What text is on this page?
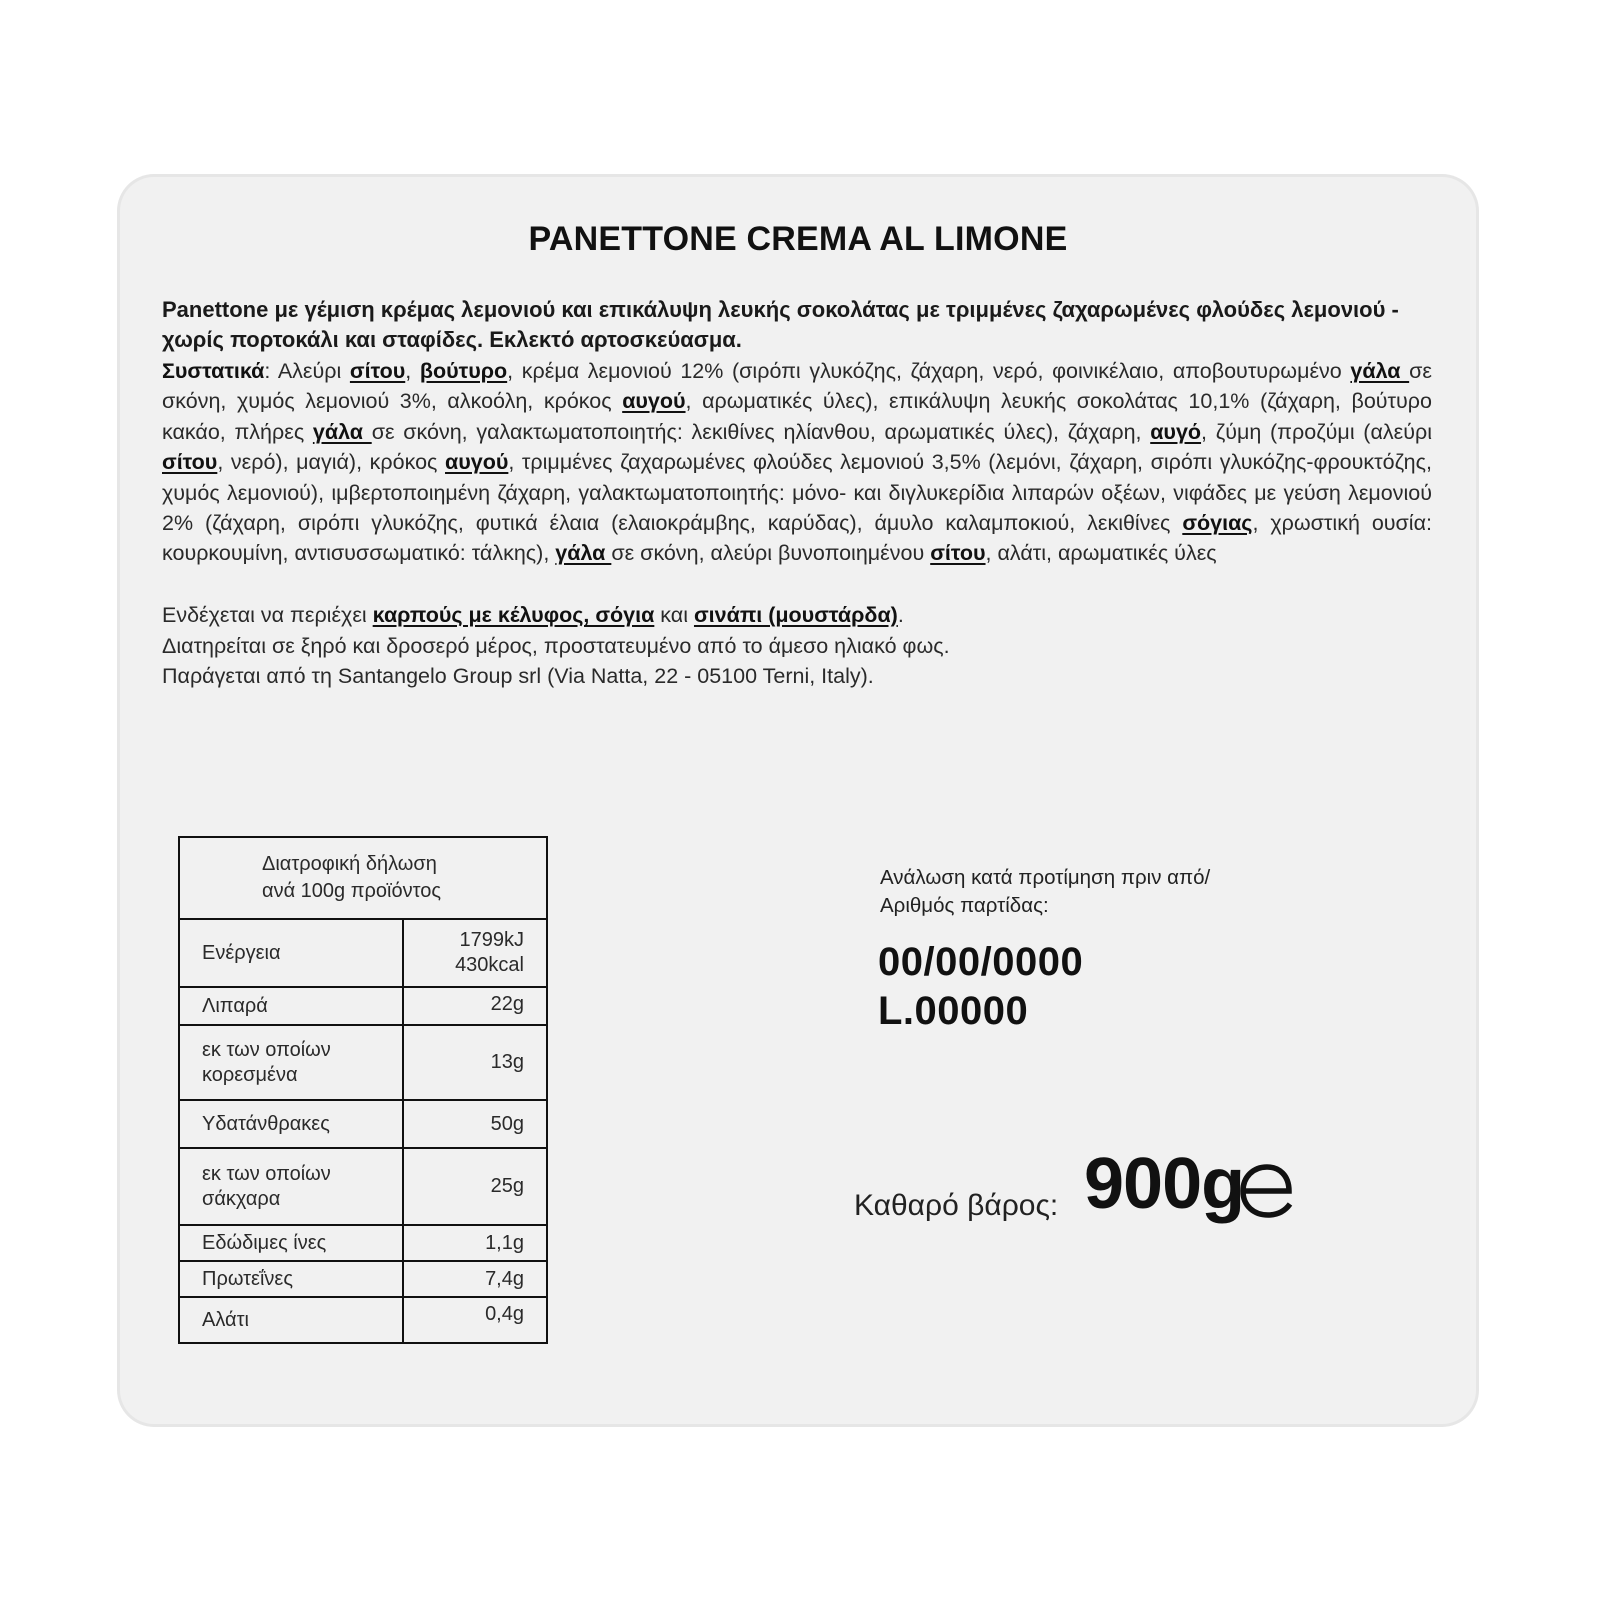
PANETTONE CREMA AL LIMONE
Panettone με γέμιση κρέμας λεμονιού και επικάλυψη λευκής σοκολάτας με τριμμένες ζαχαρωμένες φλούδες λεμονιού - χωρίς πορτοκάλι και σταφίδες. Εκλεκτό αρτοσκεύασμα.
Συστατικά: Αλεύρι σίτου, βούτυρο, κρέμα λεμονιού 12% (σιρόπι γλυκόζης, ζάχαρη, νερό, φοινικέλαιο, αποβουτυρωμένο γάλα σε σκόνη, χυμός λεμονιού 3%, αλκοόλη, κρόκος αυγού, αρωματικές ύλες), επικάλυψη λευκής σοκολάτας 10,1% (ζάχαρη, βούτυρο κακάο, πλήρες γάλα σε σκόνη, γαλακτωματοποιητής: λεκιθίνες ηλίανθου, αρωματικές ύλες), ζάχαρη, αυγό, ζύμη (προζύμι (αλεύρι σίτου, νερό), μαγιά), κρόκος αυγού, τριμμένες ζαχαρωμένες φλούδες λεμονιού 3,5% (λεμόνι, ζάχαρη, σιρόπι γλυκόζης-φρουκτόζης, χυμός λεμονιού), ιμβερτοποιημένη ζάχαρη, γαλακτωματοποιητής: μόνο- και διγλυκερίδια λιπαρών οξέων, νιφάδες με γεύση λεμονιού 2% (ζάχαρη, σιρόπι γλυκόζης, φυτικά έλαια (ελαιοκράμβης, καρύδας), άμυλο καλαμποκιού, λεκιθίνες σόγιας, χρωστική ουσία: κουρκουμίνη, αντισυσσωματικό: τάλκης), γάλα σε σκόνη, αλεύρι βυνοποιημένου σίτου, αλάτι, αρωματικές ύλες
Ενδέχεται να περιέχει καρπούς με κέλυφος, σόγια και σινάπι (μουστάρδα).
Διατηρείται σε ξηρό και δροσερό μέρος, προστατευμένο από το άμεσο ηλιακό φως.
Παράγεται από τη Santangelo Group srl (Via Natta, 22 - 05100 Terni, Italy).
Διατροφική δήλωση
ανά 100g προϊόντος	
Ενέργεια	1799kJ
430kcal
Λιπαρά	22g
εκ των οποίων
κορεσμένα	13g
Υδατάνθρακες	50g
εκ των οποίων
σάκχαρα	25g
Εδώδιμες ίνες	1,1g
Πρωτεΐνες	7,4g
Αλάτι	0,4g
Ανάλωση κατά προτίμηση πριν από/
Αριθμός παρτίδας:
00/00/0000
L.00000
Καθαρό βάρος: 900g
